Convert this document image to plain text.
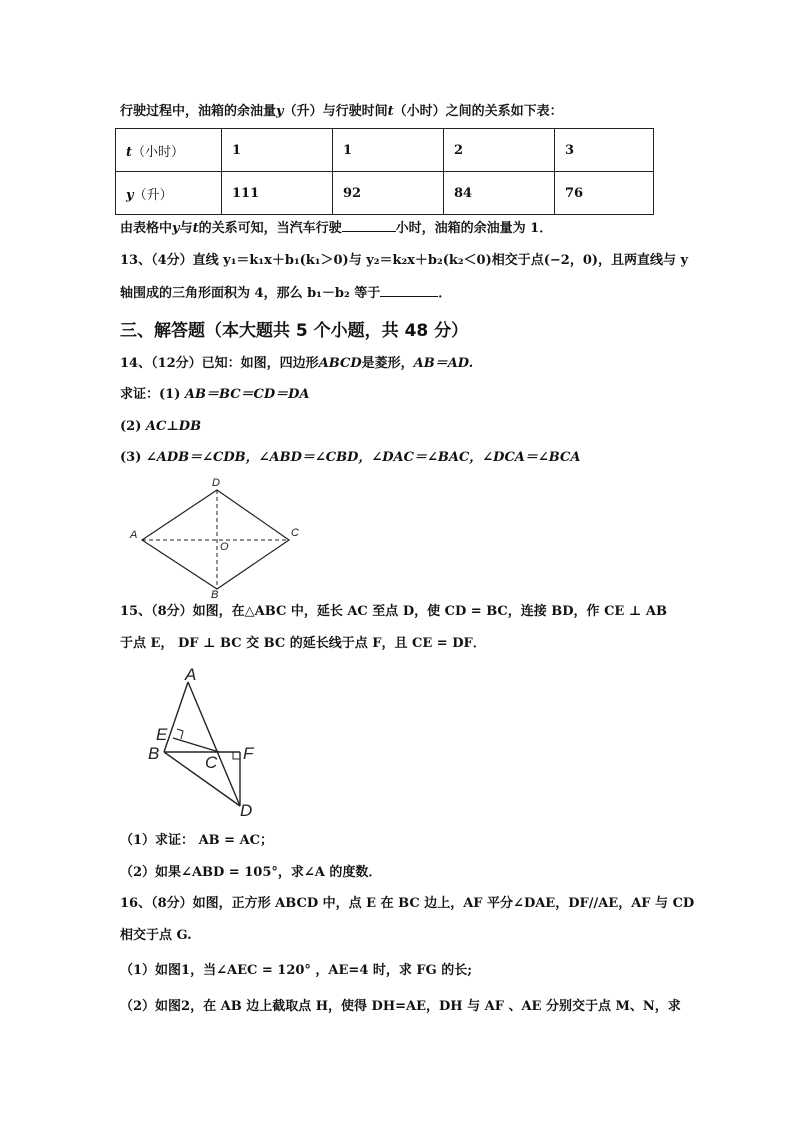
行驶过程中，油箱的余油量y（升）与行驶时间t（小时）之间的关系如下表：
t（小时）	1	1	2	3
y（升）	111	92	84	76
由表格中y与t的关系可知，当汽车行驶	小时，油箱的余油量为 1．
13、（4分）直线 y₁＝k₁x＋b₁(k₁＞0)与 y₂＝k₂x＋b₂(k₂＜0)相交于点(−2，0)，且两直线与 y
轴围成的三角形面积为 4，那么 b₁－b₂ 等于	．
三、解答题（本大题共 5 个小题，共 48 分）
14、（12分）已知：如图，四边形ABCD是菱形，AB＝AD.
求证：(1) AB＝BC＝CD＝DA
(2) AC⊥DB
(3) ∠ADB＝∠CDB，∠ABD＝∠CBD，∠DAC＝∠BAC，∠DCA＝∠BCA
D
A	C
O
B
15、（8分）如图，在△ABC 中，延长 AC 至点 D，使 CD = BC，连接 BD，作 CE ⊥ AB
于点 E， DF ⊥ BC 交 BC 的延长线于点 F，且 CE = DF．
A
E
B	C F
D
（1）求证： AB = AC；
（2）如果∠ABD = 105°，求∠A 的度数．
16、（8分）如图，正方形 ABCD 中，点 E 在 BC 边上，AF 平分∠DAE，DF//AE，AF 与 CD
相交于点 G.
（1）如图1，当∠AEC = 120° ，AE=4 时，求 FG 的长;
（2）如图2，在 AB 边上截取点 H，使得 DH=AE，DH 与 AF 、AE 分别交于点 M、N，求
